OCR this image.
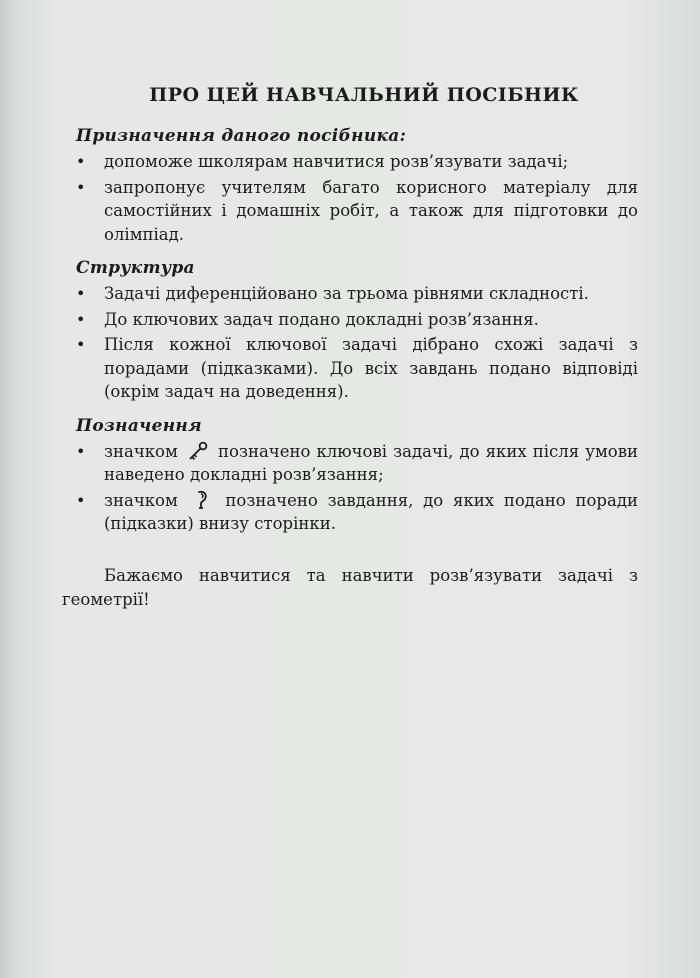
ПРО ЦЕЙ НАВЧАЛЬНИЙ ПОСІБНИК
Призначення даного посібника:
• допоможе школярам навчитися розв’язувати задачі;
• запропонує учителям багато корисного матеріалу для самостійних і домашніх робіт, а також для підготовки до олімпіад.
Структура
• Задачі диференційовано за трьома рівнями складності.
• До ключових задач подано докладні розв’язання.
• Після кожної ключової задачі дібрано схожі задачі з порадами (підказками). До всіх завдань подано відповіді (окрім задач на доведення).
Позначення
• значком позначено ключові задачі, до яких після умови наведено докладні розв’язання;
• значком	позначено завдання, до яких подано поради (підказки) внизу сторінки.

Бажаємо навчитися та навчити розв’язувати задачі з геометрії!
